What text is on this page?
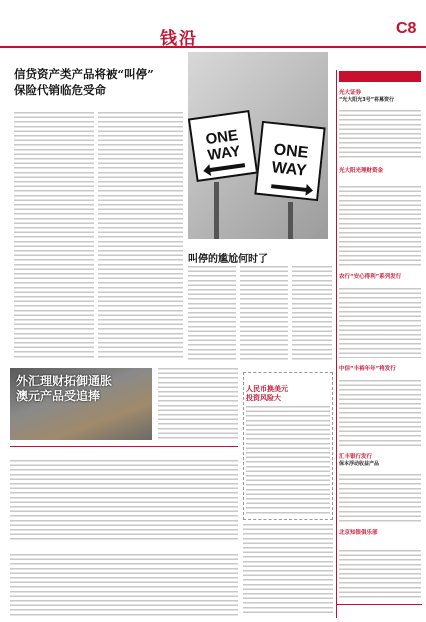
钱沿
C8
信贷资产类产品将被“叫停”
保险代销临危受命
ONE WAY	ONE WAY
叫停的尴尬何时了
外汇理财拓御通胀
澳元产品受追捧
人民币换美元
投资风险大
光大证券
“光大阳光3号”将募资行
光大阳光理财资金
农行“安心得利”系列发行
中信“丰裕年年”将发行
汇丰银行发行
保本浮动收益产品
北京知银俱乐部
